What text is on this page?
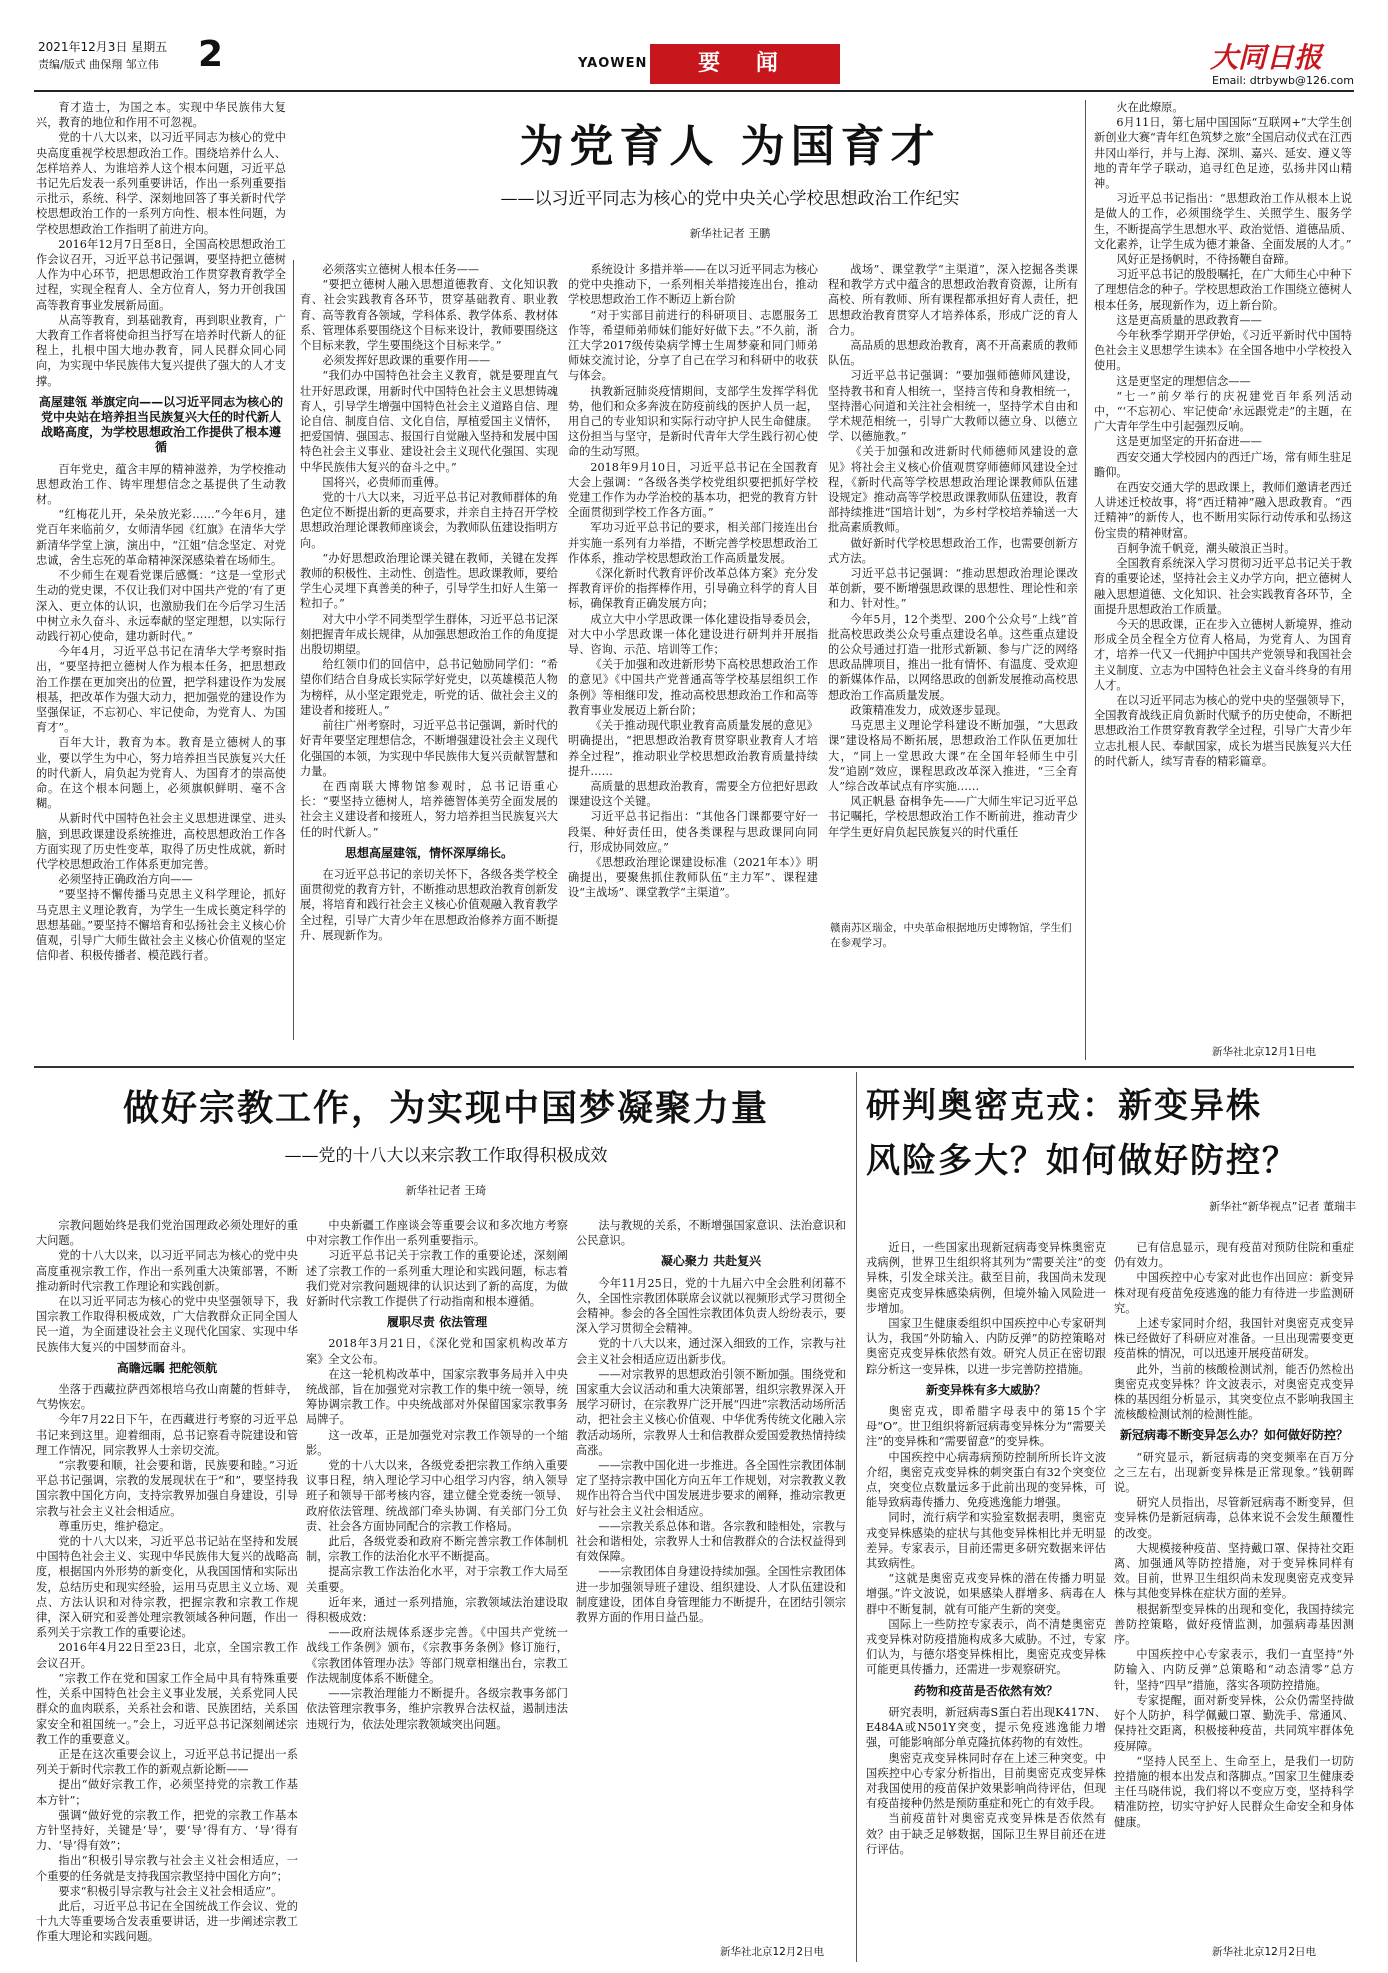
2021年12月3日 星期五
责编/版式 曲保翔 邹立伟 2	YAOWEN	要 闻	大同日报
Email: dtrbywb@126.com
为党育人 为国育才
——以习近平同志为核心的党中央关心学校思想政治工作纪实
新华社记者 王鹏

育才造士，为国之本。实现中华民族伟大复兴，教育的地位和作用不可忽视。

党的十八大以来，以习近平同志为核心的党中央高度重视学校思想政治工作。围绕培养什么人、怎样培养人、为谁培养人这个根本问题，习近平总书记先后发表一系列重要讲话，作出一系列重要指示批示，系统、科学、深刻地回答了事关新时代学校思想政治工作的一系列方向性、根本性问题，为学校思想政治工作指明了前进方向。

2016年12月7日至8日，全国高校思想政治工作会议召开，习近平总书记强调，要坚持把立德树人作为中心环节，把思想政治工作贯穿教育教学全过程，实现全程育人、全方位育人，努力开创我国高等教育事业发展新局面。

从高等教育，到基础教育，再到职业教育，广大教育工作者将使命担当抒写在培养时代新人的征程上，扎根中国大地办教育，同人民群众同心同向，为实现中华民族伟大复兴提供了强大的人才支撑。

高屋建瓴 举旗定向——以习近平同志为核心的党中央站在培养担当民族复兴大任的时代新人战略高度，为学校思想政治工作提供了根本遵循

百年党史，蕴含丰厚的精神滋养，为学校推动思想政治工作、铸牢理想信念之基提供了生动教材。

“红梅花儿开，朵朵放光彩……”今年6月，建党百年来临前夕，女师清华园《红旗》在清华大学新清华学堂上演，演出中，“江姐”信念坚定、对党忠诚，舍生忘死的革命精神深深感染着在场师生。

不少师生在观看党课后感慨：“这是一堂形式生动的党史课，不仅让我们对中国共产党的‘有了更深入、更立体的认识，也激励我们在今后学习生活中树立永久奋斗、永远奉献的坚定理想，以实际行动践行初心使命，建功新时代。”

今年4月，习近平总书记在清华大学考察时指出，“要坚持把立德树人作为根本任务，把思想政治工作摆在更加突出的位置，把学科建设作为发展根基，把改革作为强大动力，把加强党的建设作为坚强保证，不忘初心、牢记使命，为党育人、为国育才”。

百年大计，教育为本。教育是立德树人的事业，要以学生为中心，努力培养担当民族复兴大任的时代新人，肩负起为党育人、为国育才的崇高使命。在这个根本问题上，必须旗帜鲜明、毫不含糊。

从新时代中国特色社会主义思想进课堂、进头脑，到思政课建设系统推进，高校思想政治工作各方面实现了历史性变革，取得了历史性成就，新时代学校思想政治工作体系更加完善。

必须坚持正确政治方向——

“要坚持不懈传播马克思主义科学理论，抓好马克思主义理论教育，为学生一生成长奠定科学的思想基础。”要坚持不懈培育和弘扬社会主义核心价值观，引导广大师生做社会主义核心价值观的坚定信仰者、积极传播者、模范践行者。

必须落实立德树人根本任务——

“要把立德树人融入思想道德教育、文化知识教育、社会实践教育各环节，贯穿基础教育、职业教育、高等教育各领域，学科体系、教学体系、教材体系、管理体系要围绕这个目标来设计，教师要围绕这个目标来教，学生要围绕这个目标来学。”

必须发挥好思政课的重要作用——

“我们办中国特色社会主义教育，就是要理直气壮开好思政课，用新时代中国特色社会主义思想铸魂育人，引导学生增强中国特色社会主义道路自信、理论自信、制度自信、文化自信，厚植爱国主义情怀，把爱国情、强国志、报国行自觉融入坚持和发展中国特色社会主义事业、建设社会主义现代化强国、实现中华民族伟大复兴的奋斗之中。”

国将兴，必贵师而重傅。

党的十八大以来，习近平总书记对教师群体的角色定位不断提出新的更高要求，并亲自主持召开学校思想政治理论课教师座谈会，为教师队伍建设指明方向。

“办好思想政治理论课关键在教师，关键在发挥教师的积极性、主动性、创造性。思政课教师，要给学生心灵埋下真善美的种子，引导学生扣好人生第一粒扣子。”

对大中小学不同类型学生群体，习近平总书记深刻把握青年成长规律，从加强思想政治工作的角度提出殷切期望。

给红领巾们的回信中，总书记勉励同学们：“希望你们结合自身成长实际学好党史，以英雄模范人物为榜样，从小坚定跟党走，听党的话、做社会主义的建设者和接班人。”

前往广州考察时，习近平总书记强调，新时代的好青年要坚定理想信念，不断增强建设社会主义现代化强国的本领，为实现中华民族伟大复兴贡献智慧和力量。

在西南联大博物馆参观时，总书记语重心长：“要坚持立德树人，培养德智体美劳全面发展的社会主义建设者和接班人，努力培养担当民族复兴大任的时代新人。”

思想高屋建瓴，情怀深厚绵长。

在习近平总书记的亲切关怀下，各级各类学校全面贯彻党的教育方针，不断推动思想政治教育创新发展，将培育和践行社会主义核心价值观融入教育教学全过程，引导广大青少年在思想政治修养方面不断提升、展现新作为。

系统设计 多措并举——在以习近平同志为核心的党中央推动下，一系列相关举措接连出台，推动学校思想政治工作不断迈上新台阶

“对于实部目前进行的科研项目、志愿服务工作等，希望师弟师妹们能好好做下去。”不久前，浙江大学2017级传染病学博士生周梦豪和同门师弟师妹交流讨论，分享了自己在学习和科研中的收获与体会。

执教新冠肺炎疫情期间，支部学生发挥学科优势，他们和众多奔波在防疫前线的医护人员一起，用自己的专业知识和实际行动守护人民生命健康。这份担当与坚守，是新时代青年大学生践行初心使命的生动写照。

2018年9月10日，习近平总书记在全国教育大会上强调：“各级各类学校党组织要把抓好学校党建工作作为办学治校的基本功，把党的教育方针全面贯彻到学校工作各方面。”

军功习近平总书记的要求，相关部门接连出台并实施一系列有力举措，不断完善学校思想政治工作体系，推动学校思想政治工作高质量发展。

《深化新时代教育评价改革总体方案》充分发挥教育评价的指挥棒作用，引导确立科学的育人目标，确保教育正确发展方向；

成立大中小学思政课一体化建设指导委员会，对大中小学思政课一体化建设进行研判并开展指导、咨询、示范、培训等工作；

《关于加强和改进新形势下高校思想政治工作的意见》《中国共产党普通高等学校基层组织工作条例》等相继印发，推动高校思想政治工作和高等教育事业发展迈上新台阶；

《关于推动现代职业教育高质量发展的意见》明确提出，“把思想政治教育贯穿职业教育人才培养全过程”，推动职业学校思想政治教育质量持续提升……

高质量的思想政治教育，需要全方位把好思政课建设这个关键。

习近平总书记指出：“其他各门课都要守好一段渠、种好责任田，使各类课程与思政课同向同行，形成协同效应。”

《思想政治理论课建设标准（2021年本）》明确提出，要聚焦抓住教师队伍“主力军”、课程建设“主战场”、课堂教学“主渠道”。

战场”、课堂教学“主渠道”，深入挖掘各类课程和教学方式中蕴含的思想政治教育资源，让所有高校、所有教师、所有课程都承担好育人责任，把思想政治教育贯穿人才培养体系，形成广泛的育人合力。

高品质的思想政治教育，离不开高素质的教师队伍。

习近平总书记强调：“要加强师德师风建设，坚持教书和育人相统一，坚持言传和身教相统一，坚持潜心问道和关注社会相统一，坚持学术自由和学术规范相统一，引导广大教师以德立身、以德立学、以德施教。”

《关于加强和改进新时代师德师风建设的意见》将社会主义核心价值观贯穿师德师风建设全过程，《新时代高等学校思想政治理论课教师队伍建设规定》推动高等学校思政课教师队伍建设，教育部持续推进“国培计划”，为乡村学校培养输送一大批高素质教师。

做好新时代学校思想政治工作，也需要创新方式方法。

习近平总书记强调：“推动思想政治理论课改革创新，要不断增强思政课的思想性、理论性和亲和力、针对性。”

今年5月，12个类型、200个公众号“上线”首批高校思政类公众号重点建设名单。这些重点建设的公众号通过打造一批形式新颖、参与广泛的网络思政品牌项目，推出一批有情怀、有温度、受欢迎的新媒体作品，以网络思政的创新发展推动高校思想政治工作高质量发展。

政策精准发力，成效逐步显现。

马克思主义理论学科建设不断加强，“大思政课”建设格局不断拓展，思想政治工作队伍更加壮大，“同上一堂思政大课”在全国年轻师生中引发“追剧”效应，课程思政改革深入推进，“三全育人”综合改革试点有序实施……

风正帆悬 奋楫争先——广大师生牢记习近平总书记嘱托，学校思想政治工作不断前进，推动青少年学生更好肩负起民族复兴的时代重任

赣南苏区瑞金，中央革命根据地历史博物馆，学生们在参观学习。

火在此燎原。

6月11日，第七届中国国际“互联网+”大学生创新创业大赛“青年红色筑梦之旅”全国启动仪式在江西井冈山举行，并与上海、深圳、嘉兴、延安、遵义等地的青年学子联动，追寻红色足迹，弘扬井冈山精神。

习近平总书记指出：“思想政治工作从根本上说是做人的工作，必须围绕学生、关照学生、服务学生，不断提高学生思想水平、政治觉悟、道德品质、文化素养，让学生成为德才兼备、全面发展的人才。”

风好正是扬帆时，不待扬鞭自奋蹄。

习近平总书记的殷殷嘱托，在广大师生心中种下了理想信念的种子。学校思想政治工作围绕立德树人根本任务，展现新作为，迈上新台阶。

这是更高质量的思政教育——

今年秋季学期开学伊始，《习近平新时代中国特色社会主义思想学生读本》在全国各地中小学校投入使用。

这是更坚定的理想信念——

“七一”前夕举行的庆祝建党百年系列活动中，“‘不忘初心、牢记使命’永远跟党走”的主题，在广大青年学生中引起强烈反响。

这是更加坚定的开拓奋进——

西安交通大学校园内的西迁广场，常有师生驻足瞻仰。

在西安交通大学的思政课上，教师们邀请老西迁人讲述迁校故事，将“西迁精神”融入思政教育。“西迁精神”的新传人，也不断用实际行动传承和弘扬这份宝贵的精神财富。

百舸争流千帆竞，潮头破浪正当时。

全国教育系统深入学习贯彻习近平总书记关于教育的重要论述，坚持社会主义办学方向，把立德树人融入思想道德、文化知识、社会实践教育各环节，全面提升思想政治工作质量。

今天的思政课，正在步入立德树人新境界，推动形成全员全程全方位育人格局，为党育人、为国育才，培养一代又一代拥护中国共产党领导和我国社会主义制度、立志为中国特色社会主义奋斗终身的有用人才。

在以习近平同志为核心的党中央的坚强领导下，全国教育战线正肩负新时代赋予的历史使命，不断把思想政治工作贯穿教育教学全过程，引导广大青少年立志扎根人民、奉献国家，成长为堪当民族复兴大任的时代新人，续写青春的精彩篇章。

新华社北京12月1日电
做好宗教工作，为实现中国梦凝聚力量
——党的十八大以来宗教工作取得积极成效
新华社记者 王琦

宗教问题始终是我们党治国理政必须处理好的重大问题。

党的十八大以来，以习近平同志为核心的党中央高度重视宗教工作，作出一系列重大决策部署，不断推动新时代宗教工作理论和实践创新。

在以习近平同志为核心的党中央坚强领导下，我国宗教工作取得积极成效，广大信教群众正同全国人民一道，为全面建设社会主义现代化国家、实现中华民族伟大复兴的中国梦而奋斗。

高瞻远瞩 把舵领航

坐落于西藏拉萨西郊根培乌孜山南麓的哲蚌寺，气势恢宏。

今年7月22日下午，在西藏进行考察的习近平总书记来到这里。迎着细雨，总书记察看寺院建设和管理工作情况，同宗教界人士亲切交流。

“宗教要和顺，社会要和谐，民族要和睦。”习近平总书记强调，宗教的发展现状在于“和”，要坚持我国宗教中国化方向，支持宗教界加强自身建设，引导宗教与社会主义社会相适应。

尊重历史，维护稳定。

党的十八大以来，习近平总书记站在坚持和发展中国特色社会主义、实现中华民族伟大复兴的战略高度，根据国内外形势的新变化，从我国国情和实际出发，总结历史和现实经验，运用马克思主义立场、观点、方法认识和对待宗教，把握宗教和宗教工作规律，深入研究和妥善处理宗教领域各种问题，作出一系列关于宗教工作的重要论述。

2016年4月22日至23日，北京，全国宗教工作会议召开。

“宗教工作在党和国家工作全局中具有特殊重要性，关系中国特色社会主义事业发展，关系党同人民群众的血肉联系，关系社会和谐、民族团结，关系国家安全和祖国统一。”会上，习近平总书记深刻阐述宗教工作的重要意义。

正是在这次重要会议上，习近平总书记提出一系列关于新时代宗教工作的新观点新论断——

提出“做好宗教工作，必须坚持党的宗教工作基本方针”；

强调“做好党的宗教工作，把党的宗教工作基本方针坚持好，关键是‘导’，要‘导’得有方、‘导’得有力、‘导’得有效”；

指出“积极引导宗教与社会主义社会相适应，一个重要的任务就是支持我国宗教坚持中国化方向”；

要求“积极引导宗教与社会主义社会相适应”。

此后，习近平总书记在全国统战工作会议、党的十九大等重要场合发表重要讲话，进一步阐述宗教工作重大理论和实践问题。

中央新疆工作座谈会等重要会议和多次地方考察中对宗教工作作出一系列重要指示。

习近平总书记关于宗教工作的重要论述，深刻阐述了宗教工作的一系列重大理论和实践问题，标志着我们党对宗教问题规律的认识达到了新的高度，为做好新时代宗教工作提供了行动指南和根本遵循。

履职尽责 依法管理

2018年3月21日，《深化党和国家机构改革方案》全文公布。

在这一轮机构改革中，国家宗教事务局并入中央统战部，旨在加强党对宗教工作的集中统一领导，统筹协调宗教工作。中央统战部对外保留国家宗教事务局牌子。

这一改革，正是加强党对宗教工作领导的一个缩影。

党的十八大以来，各级党委把宗教工作纳入重要议事日程，纳入理论学习中心组学习内容，纳入领导班子和领导干部考核内容，建立健全党委统一领导、政府依法管理、统战部门牵头协调、有关部门分工负责、社会各方面协同配合的宗教工作格局。

此后，各级党委和政府不断完善宗教工作体制机制，宗教工作的法治化水平不断提高。

提高宗教工作法治化水平，对于宗教工作大局至关重要。

近年来，通过一系列措施，宗教领域法治建设取得积极成效：

——政府法规体系逐步完善。《中国共产党统一战线工作条例》颁布，《宗教事务条例》修订施行，《宗教团体管理办法》等部门规章相继出台，宗教工作法规制度体系不断健全。

——宗教治理能力不断提升。各级宗教事务部门依法管理宗教事务，维护宗教界合法权益，遏制违法违规行为，依法处理宗教领域突出问题。

法与教规的关系，不断增强国家意识、法治意识和公民意识。

凝心聚力 共赴复兴

今年11月25日，党的十九届六中全会胜利闭幕不久，全国性宗教团体联席会议就以视频形式学习贯彻全会精神。参会的各全国性宗教团体负责人纷纷表示，要深入学习贯彻全会精神。

党的十八大以来，通过深入细致的工作，宗教与社会主义社会相适应迈出新步伐。

——对宗教界的思想政治引领不断加强。围绕党和国家重大会议活动和重大决策部署，组织宗教界深入开展学习研讨，在宗教界广泛开展“四进”宗教活动场所活动，把社会主义核心价值观、中华优秀传统文化融入宗教活动场所，宗教界人士和信教群众爱国爱教热情持续高涨。

——宗教中国化进一步推进。各全国性宗教团体制定了坚持宗教中国化方向五年工作规划，对宗教教义教规作出符合当代中国发展进步要求的阐释，推动宗教更好与社会主义社会相适应。

——宗教关系总体和谐。各宗教和睦相处，宗教与社会和谐相处，宗教界人士和信教群众的合法权益得到有效保障。

——宗教团体自身建设持续加强。全国性宗教团体进一步加强领导班子建设、组织建设、人才队伍建设和制度建设，团体自身管理能力不断提升，在团结引领宗教界方面的作用日益凸显。

新华社北京12月2日电
研判奥密克戎：新变异株
风险多大？如何做好防控？
新华社“新华视点”记者 董瑞丰

近日，一些国家出现新冠病毒变异株奥密克戎病例，世界卫生组织将其列为“需要关注”的变异株，引发全球关注。截至目前，我国尚未发现奥密克戎变异株感染病例，但境外输入风险进一步增加。

国家卫生健康委组织中国疾控中心专家研判认为，我国“外防输入、内防反弹”的防控策略对奥密克戎变异株依然有效。研究人员正在密切跟踪分析这一变异株，以进一步完善防控措施。

新变异株有多大威胁？

奥密克戎，即希腊字母表中的第15个字母“Ο”。世卫组织将新冠病毒变异株分为“需要关注”的变异株和“需要留意”的变异株。

中国疾控中心病毒病预防控制所所长许文波介绍，奥密克戎变异株的刺突蛋白有32个突变位点，突变位点数量远多于此前出现的变异株，可能导致病毒传播力、免疫逃逸能力增强。

同时，流行病学和实验室数据表明，奥密克戎变异株感染的症状与其他变异株相比并无明显差异。专家表示，目前还需更多研究数据来评估其致病性。

“这就是奥密克戎变异株的潜在传播力明显增强。”许文波说，如果感染人群增多、病毒在人群中不断复制，就有可能产生新的突变。

国际上一些防控专家表示，尚不清楚奥密克戎变异株对防疫措施构成多大威胁。不过，专家们认为，与德尔塔变异株相比，奥密克戎变异株可能更具传播力，还需进一步观察研究。

药物和疫苗是否依然有效？

研究表明，新冠病毒S蛋白若出现K417N、E484A或N501Y突变，提示免疫逃逸能力增强，可能影响部分单克隆抗体药物的有效性。

奥密克戎变异株同时存在上述三种突变。中国疾控中心专家分析指出，目前奥密克戎变异株对我国使用的疫苗保护效果影响尚待评估，但现有疫苗接种仍然是预防重症和死亡的有效手段。

当前疫苗针对奥密克戎变异株是否依然有效？由于缺乏足够数据，国际卫生界目前还在进行评估。

已有信息显示，现有疫苗对预防住院和重症仍有效力。

中国疾控中心专家对此也作出回应：新变异株对现有疫苗免疫逃逸的能力有待进一步监测研究。

上述专家同时介绍，我国针对奥密克戎变异株已经做好了科研应对准备。一旦出现需要变更疫苗株的情况，可以迅速开展疫苗研发。

此外，当前的核酸检测试剂，能否仍然检出奥密克戎变异株？许文波表示，对奥密克戎变异株的基因组分析显示，其突变位点不影响我国主流核酸检测试剂的检测性能。

新冠病毒不断变异怎么办？如何做好防控？

“研究显示，新冠病毒的突变频率在百万分之三左右，出现新变异株是正常现象。”钱朝晖说。

研究人员指出，尽管新冠病毒不断变异，但变异株仍是新冠病毒，总体来说不会发生颠覆性的改变。

大规模接种疫苗、坚持戴口罩、保持社交距离、加强通风等防控措施，对于变异株同样有效。目前，世界卫生组织尚未发现奥密克戎变异株与其他变异株在症状方面的差异。

根据新型变异株的出现和变化，我国持续完善防控策略，做好疫情监测，加强病毒基因测序。

中国疾控中心专家表示，我们一直坚持“外防输入、内防反弹”总策略和“动态清零”总方针，坚持“四早”措施，落实各项防控措施。

专家提醒，面对新变异株，公众仍需坚持做好个人防护，科学佩戴口罩、勤洗手、常通风、保持社交距离，积极接种疫苗，共同筑牢群体免疫屏障。

“坚持人民至上、生命至上，是我们一切防控措施的根本出发点和落脚点。”国家卫生健康委主任马晓伟说，我们将以不变应万变，坚持科学精准防控，切实守护好人民群众生命安全和身体健康。

新华社北京12月2日电
